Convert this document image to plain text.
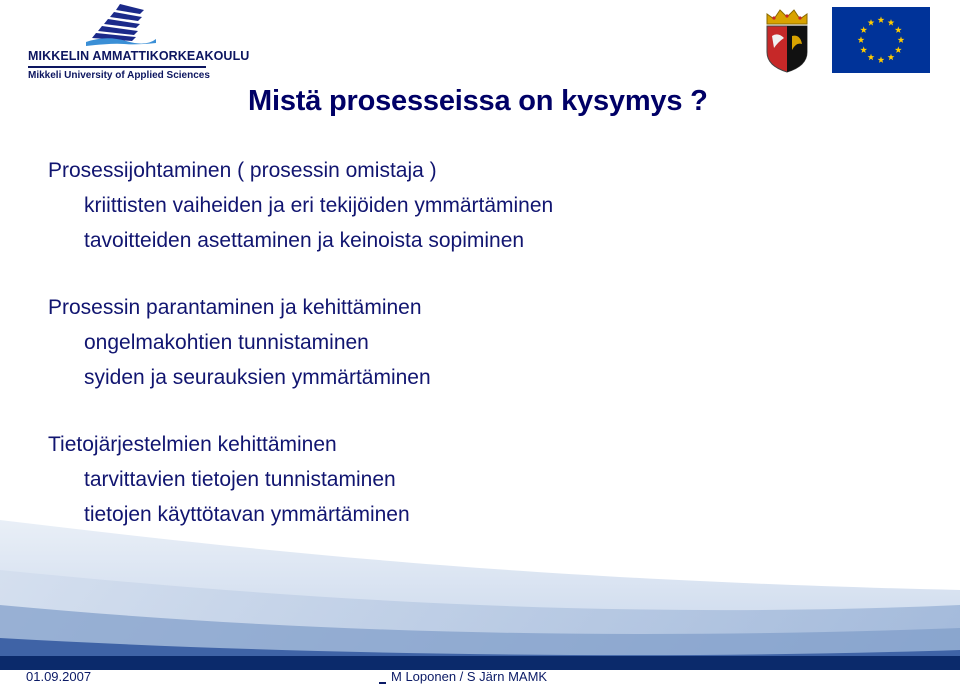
MIKKELIN AMMATTIKORKEAKOULU
Mikkeli University of Applied Sciences
Mistä prosesseissa on kysymys ?
Prosessijohtaminen ( prosessin omistaja )
kriittisten vaiheiden ja eri tekijöiden ymmärtäminen
tavoitteiden asettaminen ja keinoista sopiminen
Prosessin parantaminen ja kehittäminen
ongelmakohtien tunnistaminen
syiden ja seurauksien ymmärtäminen
Tietojärjestelmien kehittäminen
tarvittavien tietojen tunnistaminen
tietojen käyttötavan ymmärtäminen
01.09.2007	M Loponen / S Järn MAMK
